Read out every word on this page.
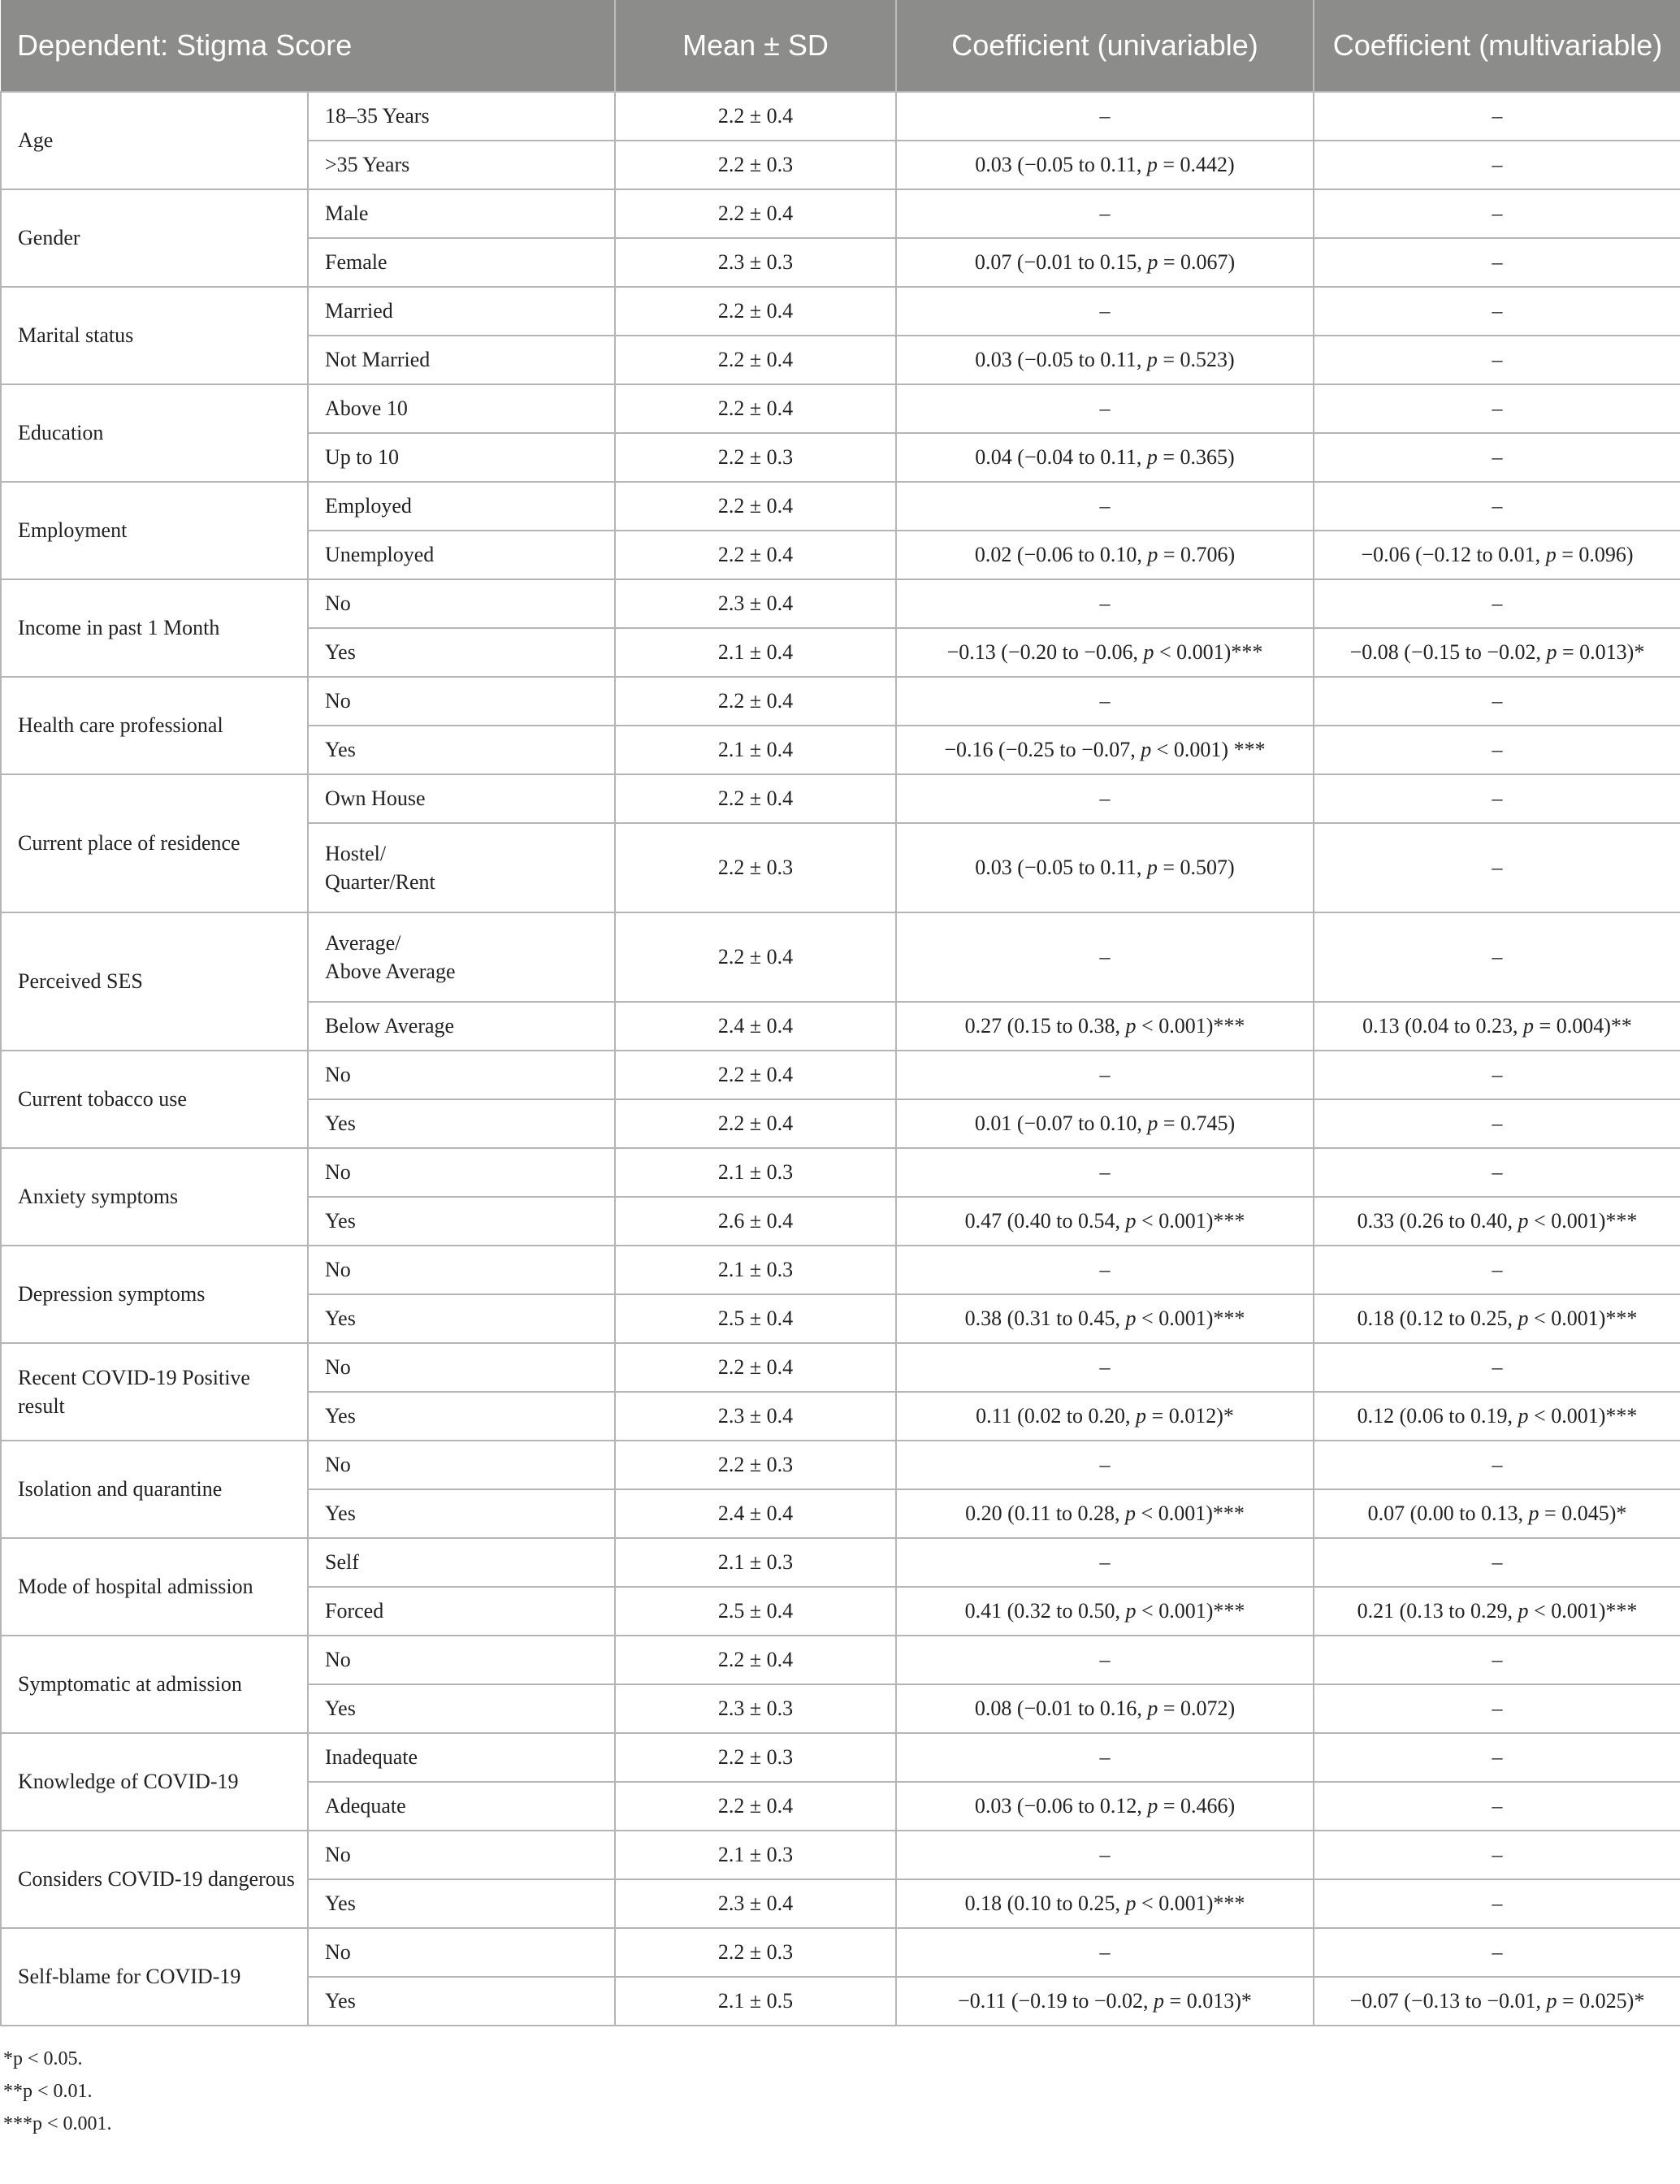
Dependent: Stigma Score		Mean ± SD	Coefficient (univariable)	Coefficient (multivariable)
Age	18–35 Years	2.2 ± 0.4	–	–
	>35 Years	2.2 ± 0.3	0.03 (−0.05 to 0.11, p = 0.442)	–
Gender	Male	2.2 ± 0.4	–	–
	Female	2.3 ± 0.3	0.07 (−0.01 to 0.15, p = 0.067)	–
Marital status	Married	2.2 ± 0.4	–	–
	Not Married	2.2 ± 0.4	0.03 (−0.05 to 0.11, p = 0.523)	–
Education	Above 10	2.2 ± 0.4	–	–
	Up to 10	2.2 ± 0.3	0.04 (−0.04 to 0.11, p = 0.365)	–
Employment	Employed	2.2 ± 0.4	–	–
	Unemployed	2.2 ± 0.4	0.02 (−0.06 to 0.10, p = 0.706)	−0.06 (−0.12 to 0.01, p = 0.096)
Income in past 1 Month	No	2.3 ± 0.4	–	–
	Yes	2.1 ± 0.4	−0.13 (−0.20 to −0.06, p < 0.001)***	−0.08 (−0.15 to −0.02, p = 0.013)*
Health care professional	No	2.2 ± 0.4	–	–
	Yes	2.1 ± 0.4	−0.16 (−0.25 to −0.07, p < 0.001) ***	–
Current place of residence	Own House	2.2 ± 0.4	–	–
	Hostel/
Quarter/Rent	2.2 ± 0.3	0.03 (−0.05 to 0.11, p = 0.507)	–
Perceived SES	Average/
Above Average	2.2 ± 0.4	–	–
	Below Average	2.4 ± 0.4	0.27 (0.15 to 0.38, p < 0.001)***	0.13 (0.04 to 0.23, p = 0.004)**
Current tobacco use	No	2.2 ± 0.4	–	–
	Yes	2.2 ± 0.4	0.01 (−0.07 to 0.10, p = 0.745)	–
Anxiety symptoms	No	2.1 ± 0.3	–	–
	Yes	2.6 ± 0.4	0.47 (0.40 to 0.54, p < 0.001)***	0.33 (0.26 to 0.40, p < 0.001)***
Depression symptoms	No	2.1 ± 0.3	–	–
	Yes	2.5 ± 0.4	0.38 (0.31 to 0.45, p < 0.001)***	0.18 (0.12 to 0.25, p < 0.001)***
Recent COVID-19 Positive result	No	2.2 ± 0.4	–	–
	Yes	2.3 ± 0.4	0.11 (0.02 to 0.20, p = 0.012)*	0.12 (0.06 to 0.19, p < 0.001)***
Isolation and quarantine	No	2.2 ± 0.3	–	–
	Yes	2.4 ± 0.4	0.20 (0.11 to 0.28, p < 0.001)***	0.07 (0.00 to 0.13, p = 0.045)*
Mode of hospital admission	Self	2.1 ± 0.3	–	–
	Forced	2.5 ± 0.4	0.41 (0.32 to 0.50, p < 0.001)***	0.21 (0.13 to 0.29, p < 0.001)***
Symptomatic at admission	No	2.2 ± 0.4	–	–
	Yes	2.3 ± 0.3	0.08 (−0.01 to 0.16, p = 0.072)	–
Knowledge of COVID-19	Inadequate	2.2 ± 0.3	–	–
	Adequate	2.2 ± 0.4	0.03 (−0.06 to 0.12, p = 0.466)	–
Considers COVID-19 dangerous	No	2.1 ± 0.3	–	–
	Yes	2.3 ± 0.4	0.18 (0.10 to 0.25, p < 0.001)***	–
Self-blame for COVID-19	No	2.2 ± 0.3	–	–
	Yes	2.1 ± 0.5	−0.11 (−0.19 to −0.02, p = 0.013)*	−0.07 (−0.13 to −0.01, p = 0.025)*
*p < 0.05.
**p < 0.01.
***p < 0.001.
